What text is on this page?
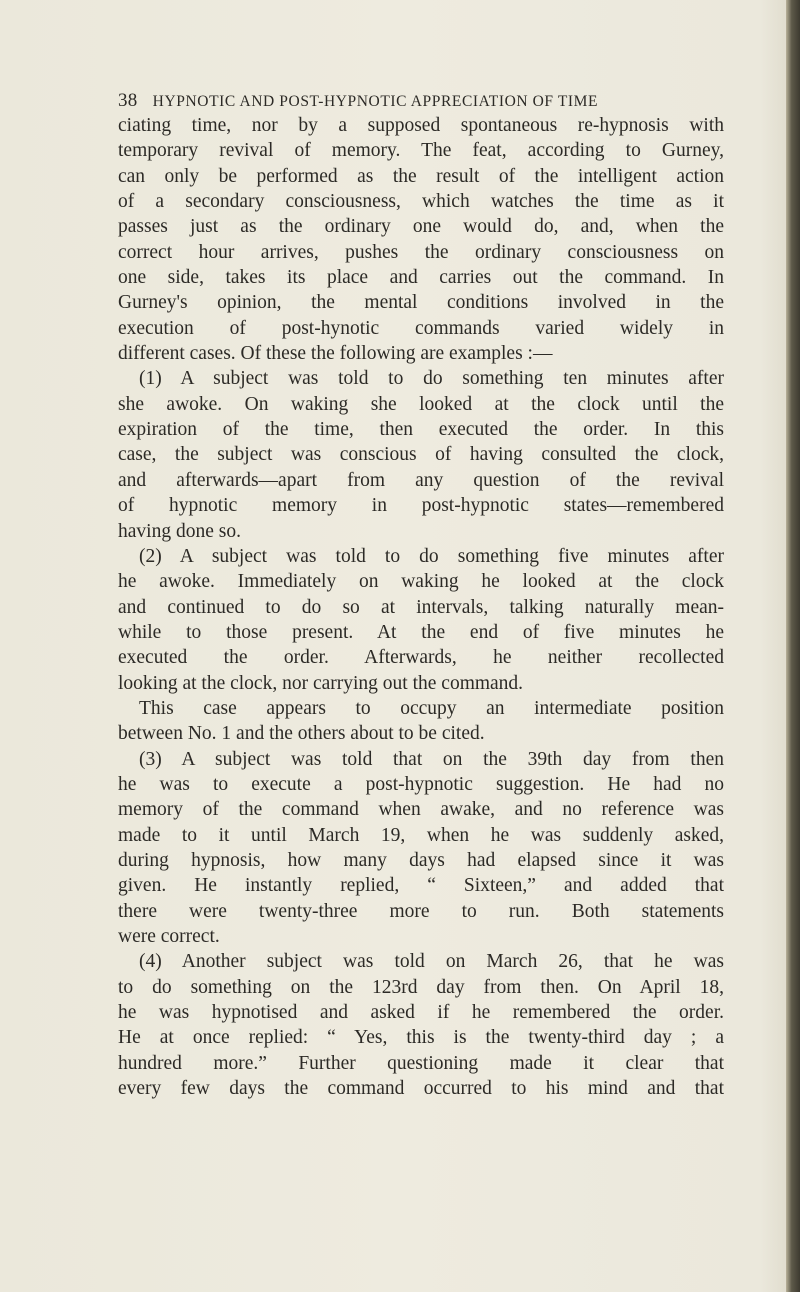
38 HYPNOTIC AND POST-HYPNOTIC APPRECIATION OF TIME
ciating time, nor by a supposed spontaneous re-hypnosis with
temporary revival of memory. The feat, according to Gurney,
can only be performed as the result of the intelligent action
of a secondary consciousness, which watches the time as it
passes just as the ordinary one would do, and, when the
correct hour arrives, pushes the ordinary consciousness on
one side, takes its place and carries out the command. In
Gurney's opinion, the mental conditions involved in the
execution of post-hynotic commands varied widely in
different cases. Of these the following are examples :—
(1) A subject was told to do something ten minutes after
she awoke. On waking she looked at the clock until the
expiration of the time, then executed the order. In this
case, the subject was conscious of having consulted the clock,
and afterwards—apart from any question of the revival
of hypnotic memory in post-hypnotic states—remembered
having done so.
(2) A subject was told to do something five minutes after
he awoke. Immediately on waking he looked at the clock
and continued to do so at intervals, talking naturally mean-
while to those present. At the end of five minutes he
executed the order. Afterwards, he neither recollected
looking at the clock, nor carrying out the command.
This case appears to occupy an intermediate position
between No. 1 and the others about to be cited.
(3) A subject was told that on the 39th day from then
he was to execute a post-hypnotic suggestion. He had no
memory of the command when awake, and no reference was
made to it until March 19, when he was suddenly asked,
during hypnosis, how many days had elapsed since it was
given. He instantly replied, “ Sixteen,” and added that
there were twenty-three more to run. Both statements
were correct.
(4) Another subject was told on March 26, that he was
to do something on the 123rd day from then. On April 18,
he was hypnotised and asked if he remembered the order.
He at once replied: “ Yes, this is the twenty-third day ; a
hundred more.” Further questioning made it clear that
every few days the command occurred to his mind and that
